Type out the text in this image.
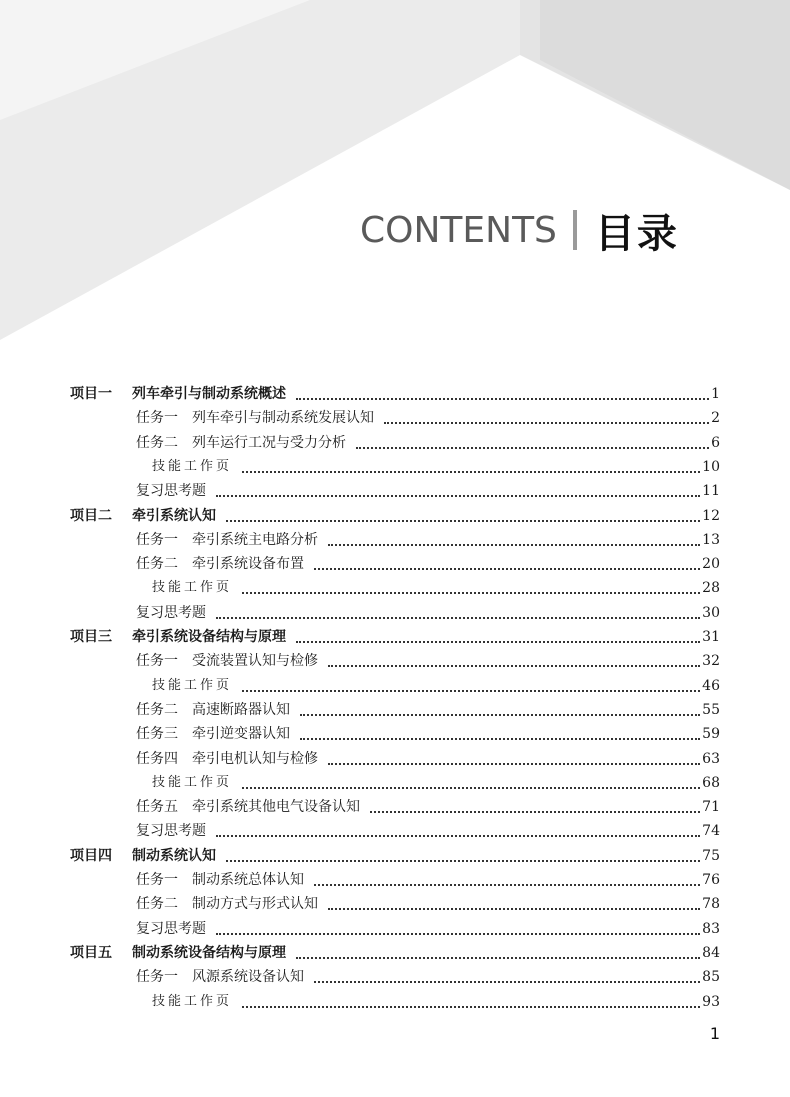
CONTENTS 目录
项目一 列车牵引与制动系统概述	1
任务一 列车牵引与制动系统发展认知	2
任务二 列车运行工况与受力分析	6
技能工作页	10
复习思考题	11
项目二 牵引系统认知	12
任务一 牵引系统主电路分析	13
任务二 牵引系统设备布置	20
技能工作页	28
复习思考题	30
项目三 牵引系统设备结构与原理	31
任务一 受流装置认知与检修	32
技能工作页	46
任务二 高速断路器认知	55
任务三 牵引逆变器认知	59
任务四 牵引电机认知与检修	63
技能工作页	68
任务五 牵引系统其他电气设备认知	71
复习思考题	74
项目四 制动系统认知	75
任务一 制动系统总体认知	76
任务二 制动方式与形式认知	78
复习思考题	83
项目五 制动系统设备结构与原理	84
任务一 风源系统设备认知	85
技能工作页	93
1
